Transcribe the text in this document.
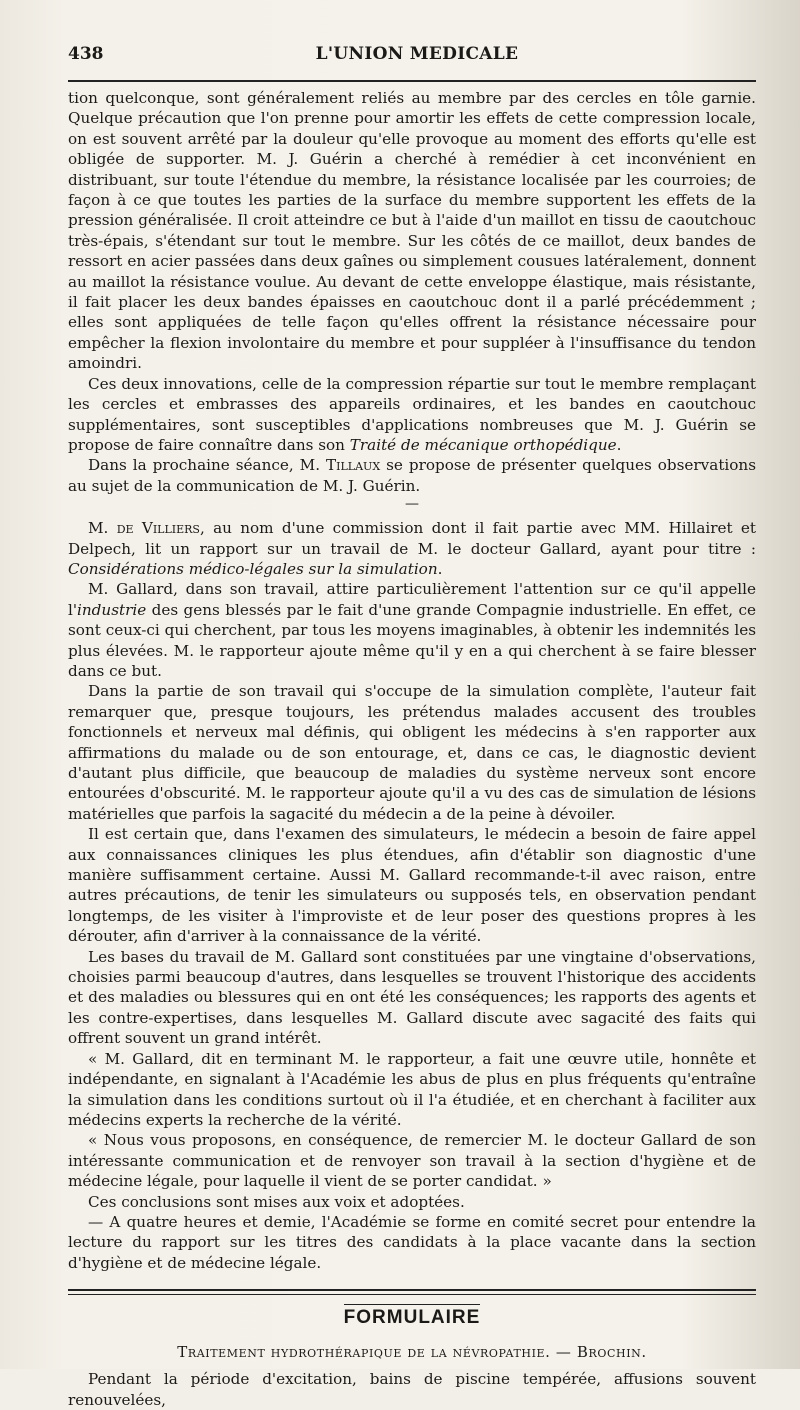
438	L'UNION MEDICALE

tion quelconque, sont généralement reliés au membre par des cercles en tôle garnie. Quelque précaution que l'on prenne pour amortir les effets de cette compression locale, on est souvent arrêté par la douleur qu'elle provoque au moment des efforts qu'elle est obligée de supporter. M. J. Guérin a cherché à remédier à cet inconvénient en distribuant, sur toute l'étendue du membre, la résistance localisée par les courroies; de façon à ce que toutes les parties de la surface du membre supportent les effets de la pression généralisée. Il croit atteindre ce but à l'aide d'un maillot en tissu de caoutchouc très-épais, s'étendant sur tout le membre. Sur les côtés de ce maillot, deux bandes de ressort en acier passées dans deux gaînes ou simplement cousues latéralement, donnent au maillot la résistance voulue. Au devant de cette enveloppe élastique, mais résistante, il fait placer les deux bandes épaisses en caoutchouc dont il a parlé précédemment ; elles sont appliquées de telle façon qu'elles offrent la résistance nécessaire pour empêcher la flexion involontaire du membre et pour suppléer à l'insuffisance du tendon amoindri.

Ces deux innovations, celle de la compression répartie sur tout le membre remplaçant les cercles et embrasses des appareils ordinaires, et les bandes en caoutchouc supplémentaires, sont susceptibles d'applications nombreuses que M. J. Guérin se propose de faire connaître dans son Traité de mécanique orthopédique.

Dans la prochaine séance, M. Tillaux se propose de présenter quelques observations au sujet de la communication de M. J. Guérin.

—

M. de Villiers, au nom d'une commission dont il fait partie avec MM. Hillairet et Delpech, lit un rapport sur un travail de M. le docteur Gallard, ayant pour titre : Considérations médico-légales sur la simulation.

M. Gallard, dans son travail, attire particulièrement l'attention sur ce qu'il appelle l'industrie des gens blessés par le fait d'une grande Compagnie industrielle. En effet, ce sont ceux-ci qui cherchent, par tous les moyens imaginables, à obtenir les indemnités les plus élevées. M. le rapporteur ajoute même qu'il y en a qui cherchent à se faire blesser dans ce but.

Dans la partie de son travail qui s'occupe de la simulation complète, l'auteur fait remarquer que, presque toujours, les prétendus malades accusent des troubles fonctionnels et nerveux mal définis, qui obligent les médecins à s'en rapporter aux affirmations du malade ou de son entourage, et, dans ce cas, le diagnostic devient d'autant plus difficile, que beaucoup de maladies du système nerveux sont encore entourées d'obscurité. M. le rapporteur ajoute qu'il a vu des cas de simulation de lésions matérielles que parfois la sagacité du médecin a de la peine à dévoiler.

Il est certain que, dans l'examen des simulateurs, le médecin a besoin de faire appel aux connaissances cliniques les plus étendues, afin d'établir son diagnostic d'une manière suffisamment certaine. Aussi M. Gallard recommande-t-il avec raison, entre autres précautions, de tenir les simulateurs ou supposés tels, en observation pendant longtemps, de les visiter à l'improviste et de leur poser des questions propres à les dérouter, afin d'arriver à la connaissance de la vérité.

Les bases du travail de M. Gallard sont constituées par une vingtaine d'observations, choisies parmi beaucoup d'autres, dans lesquelles se trouvent l'historique des accidents et des maladies ou blessures qui en ont été les conséquences; les rapports des agents et les contre-expertises, dans lesquelles M. Gallard discute avec sagacité des faits qui offrent souvent un grand intérêt.

« M. Gallard, dit en terminant M. le rapporteur, a fait une œuvre utile, honnête et indépendante, en signalant à l'Académie les abus de plus en plus fréquents qu'entraîne la simulation dans les conditions surtout où il l'a étudiée, et en cherchant à faciliter aux médecins experts la recherche de la vérité.

« Nous vous proposons, en conséquence, de remercier M. le docteur Gallard de son intéressante communication et de renvoyer son travail à la section d'hygiène et de médecine légale, pour laquelle il vient de se porter candidat. »

Ces conclusions sont mises aux voix et adoptées.

— A quatre heures et demie, l'Académie se forme en comité secret pour entendre la lecture du rapport sur les titres des candidats à la place vacante dans la section d'hygiène et de médecine légale.

FORMULAIRE
Traitement hydrothérapique de la névropathie. — Brochin.

Pendant la période d'excitation, bains de piscine tempérée, affusions souvent renouvelées,
